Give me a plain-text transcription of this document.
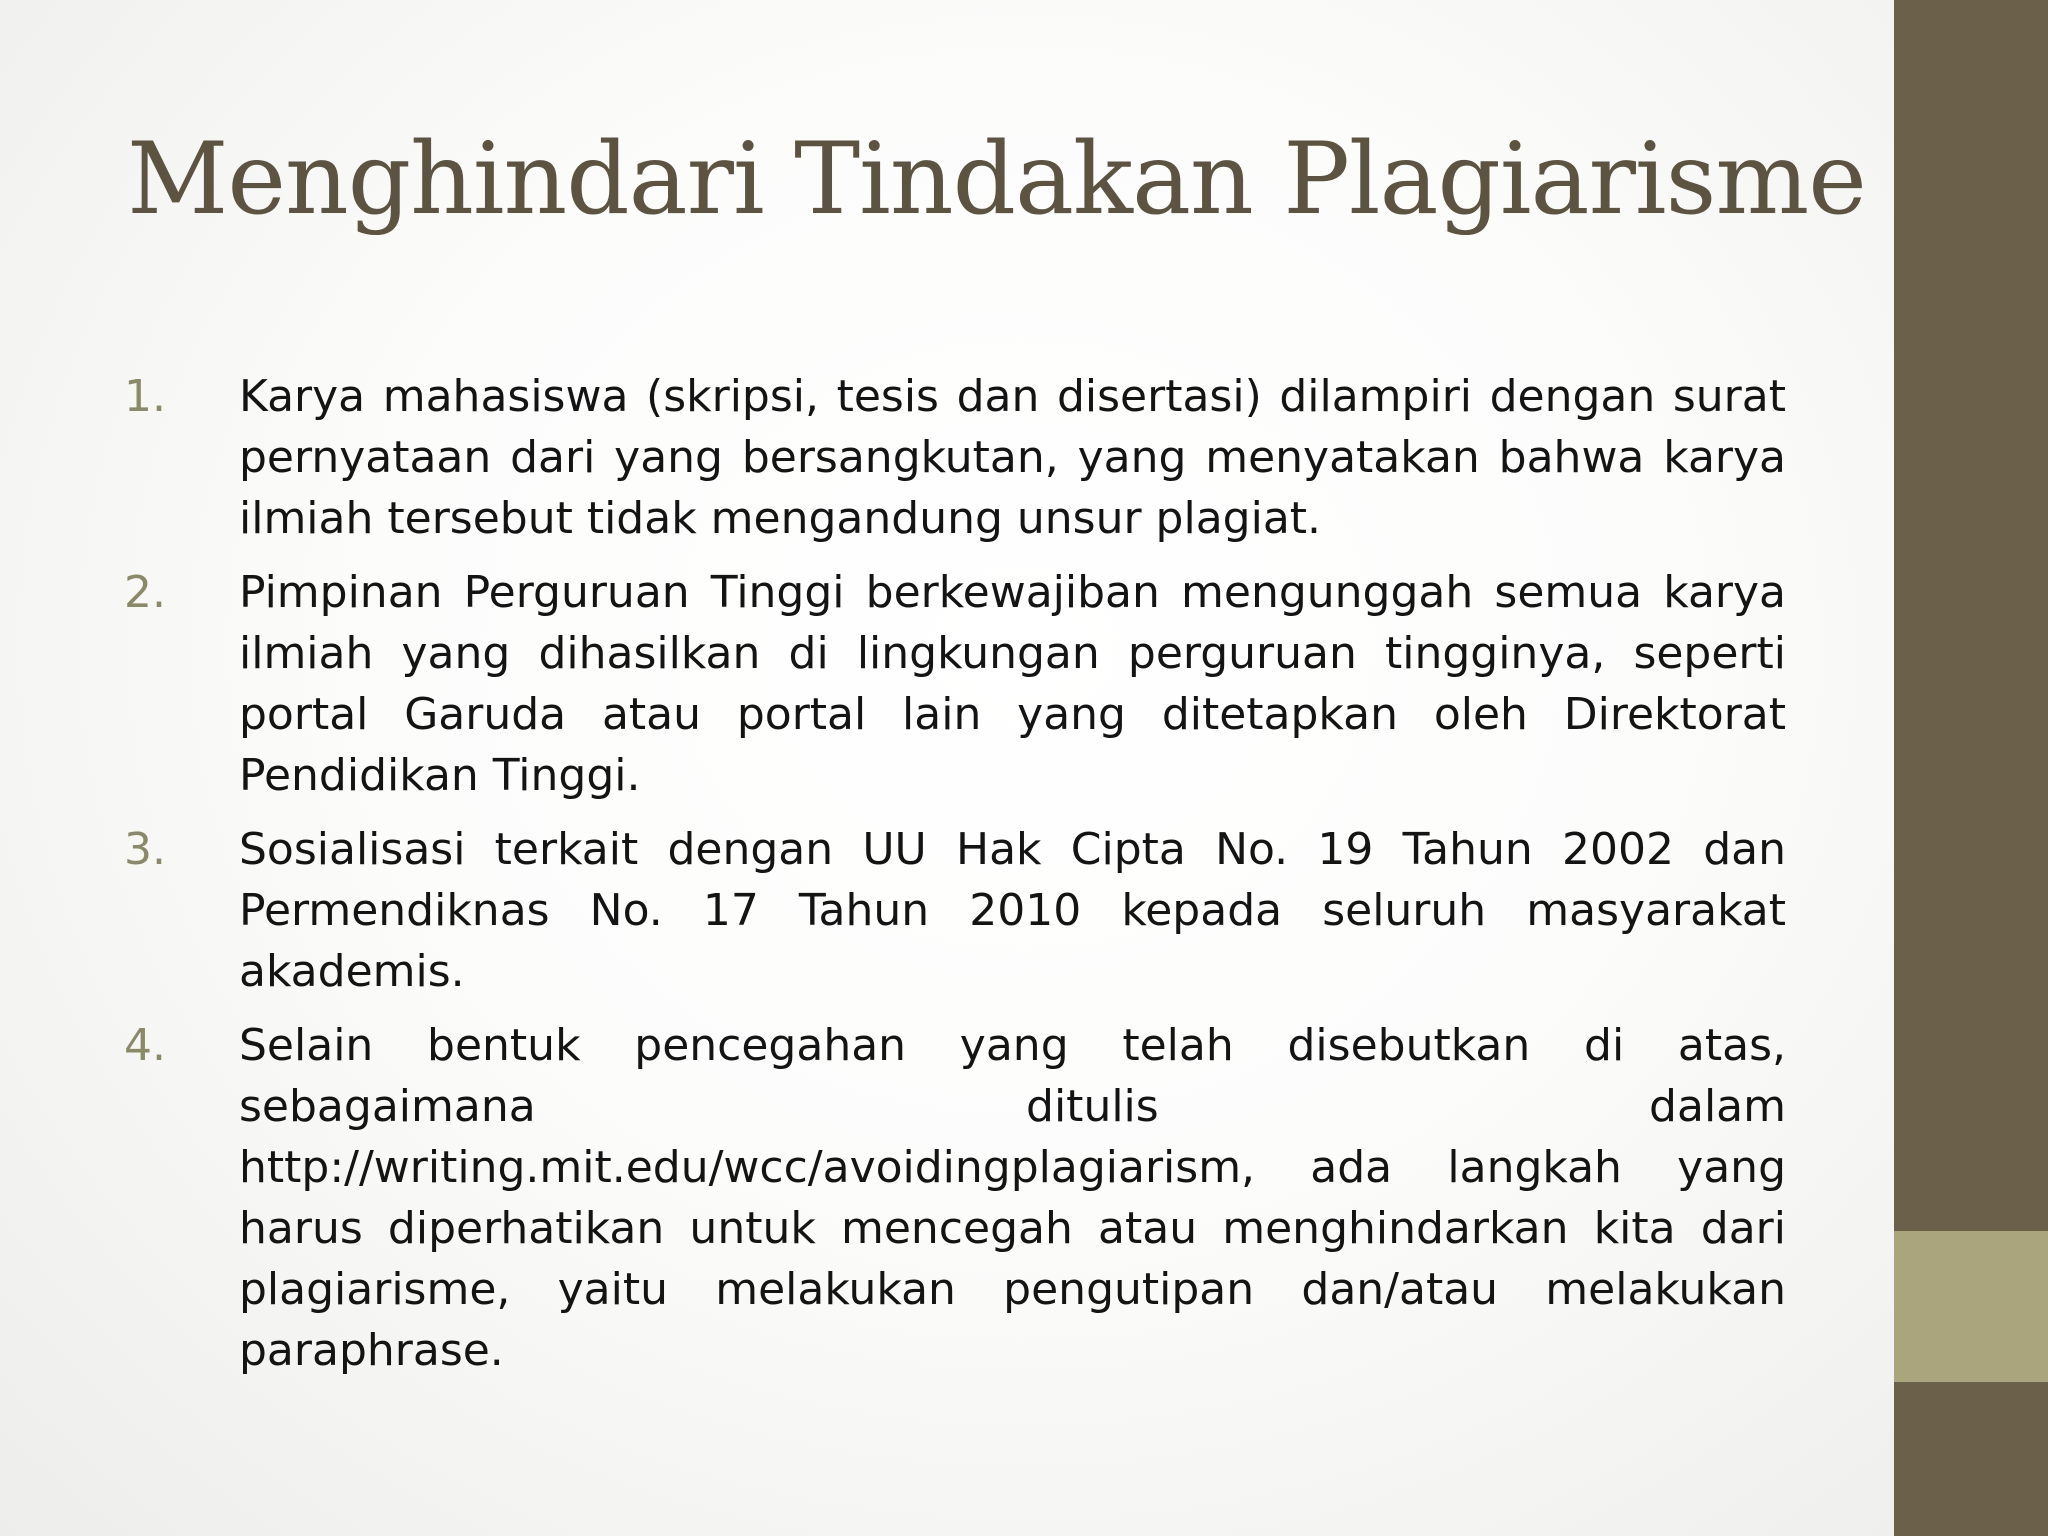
Menghindari Tindakan Plagiarisme
1. Karya mahasiswa (skripsi, tesis dan disertasi) dilampiri dengan surat pernyataan dari yang bersangkutan, yang menyatakan bahwa karya ilmiah tersebut tidak mengandung unsur plagiat.
2. Pimpinan Perguruan Tinggi berkewajiban mengunggah semua karya ilmiah yang dihasilkan di lingkungan perguruan tingginya, seperti portal Garuda atau portal lain yang ditetapkan oleh Direktorat Pendidikan Tinggi.
3. Sosialisasi terkait dengan UU Hak Cipta No. 19 Tahun 2002 dan Permendiknas No. 17 Tahun 2010 kepada seluruh masyarakat akademis.
4. Selain bentuk pencegahan yang telah disebutkan di atas, sebagaimana ditulis dalam http://writing.mit.edu/wcc/avoidingplagiarism, ada langkah yang harus diperhatikan untuk mencegah atau menghindarkan kita dari plagiarisme, yaitu melakukan pengutipan dan/atau melakukan paraphrase.
